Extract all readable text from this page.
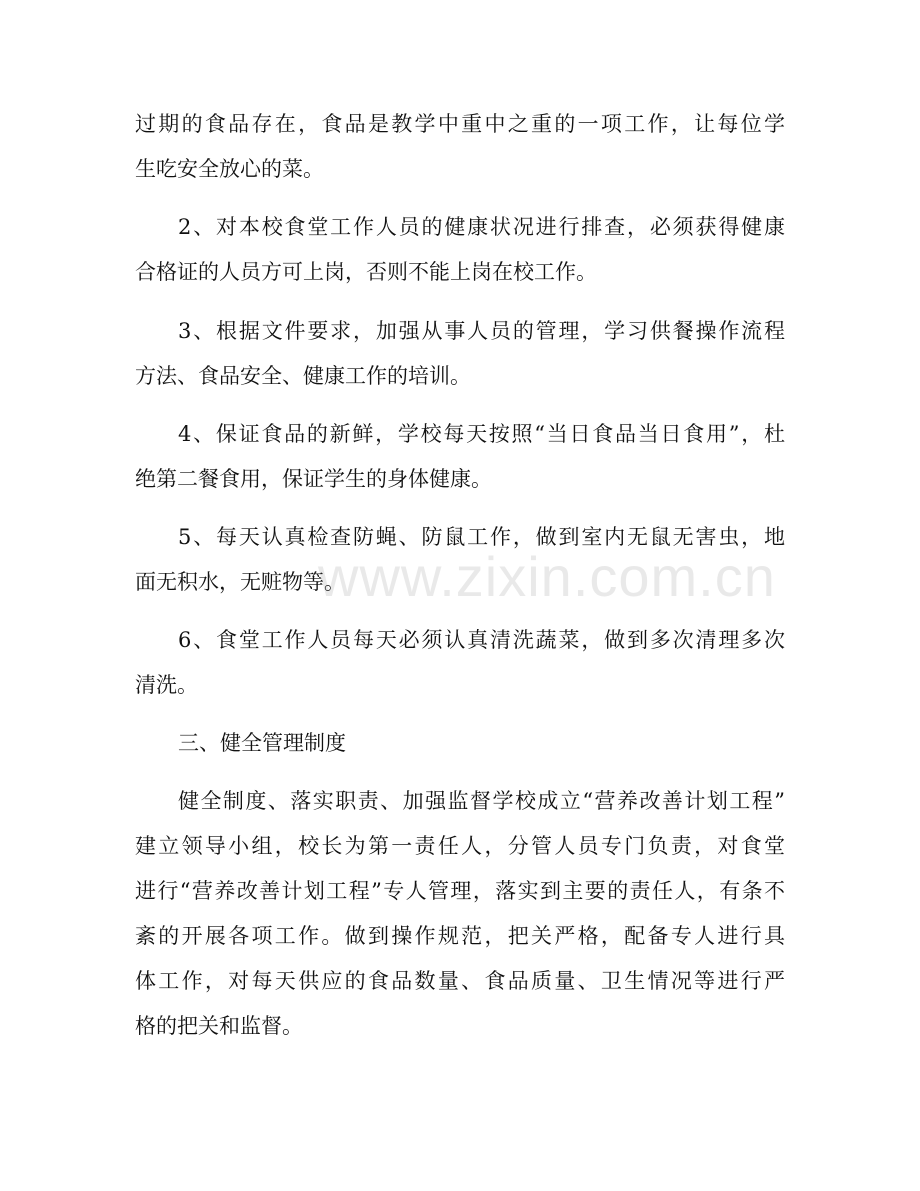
过期的食品存在，食品是教学中重中之重的一项工作，让每位学
生吃安全放心的菜。
2、对本校食堂工作人员的健康状况进行排查，必须获得健康
合格证的人员方可上岗，否则不能上岗在校工作。
3、根据文件要求，加强从事人员的管理，学习供餐操作流程
方法、食品安全、健康工作的培训。
4、保证食品的新鲜，学校每天按照“当日食品当日食用”，杜
绝第二餐食用，保证学生的身体健康。
5、每天认真检查防蝇、防鼠工作，做到室内无鼠无害虫，地
面无积水，无赃物等。
6、食堂工作人员每天必须认真清洗蔬菜，做到多次清理多次
清洗。
三、健全管理制度
健全制度、落实职责、加强监督学校成立“营养改善计划工程”
建立领导小组，校长为第一责任人，分管人员专门负责，对食堂
进行“营养改善计划工程”专人管理，落实到主要的责任人，有条不
紊的开展各项工作。做到操作规范，把关严格，配备专人进行具
体工作，对每天供应的食品数量、食品质量、卫生情况等进行严
格的把关和监督。
www.zixin.com.cn
